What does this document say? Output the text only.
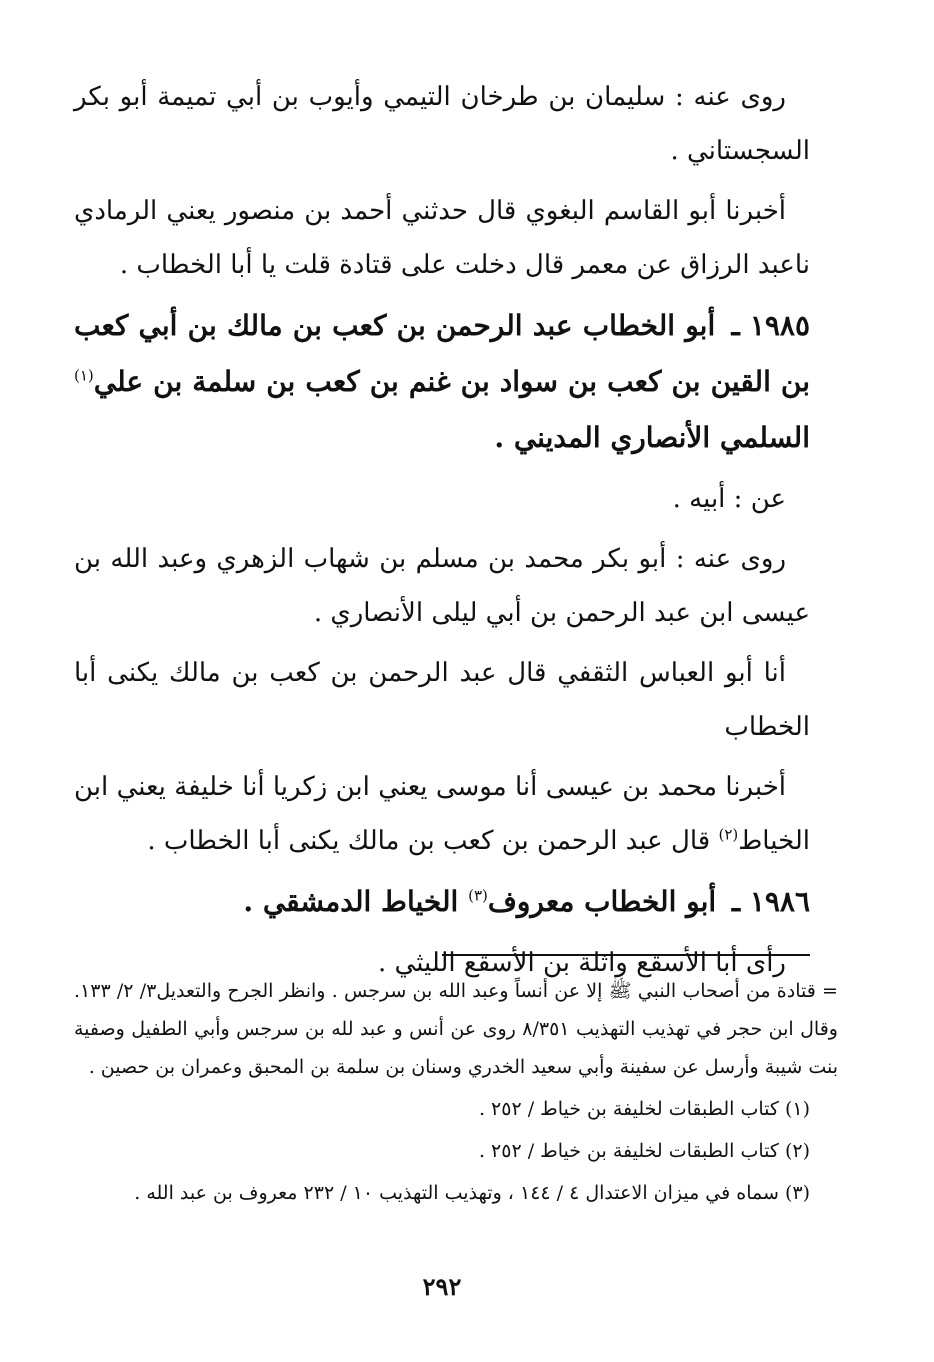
روى عنه : سليمان بن طرخان التيمي وأيوب بن أبي تميمة أبو بكر السجستاني .

أخبرنا أبو القاسم البغوي قال حدثني أحمد بن منصور يعني الرمادي ناعبد الرزاق عن معمر قال دخلت على قتادة قلت يا أبا الخطاب .

١٩٨٥ ـ أبو الخطاب عبد الرحمن بن كعب بن مالك بن أبي كعب بن القين بن كعب بن سواد بن غنم بن كعب بن سلمة بن علي$^{(١)}$ السلمي الأنصاري المديني .

عن : أبيه .

روى عنه : أبو بكر محمد بن مسلم بن شهاب الزهري وعبد الله بن عيسى ابن عبد الرحمن بن أبي ليلى الأنصاري .

أنا أبو العباس الثقفي قال عبد الرحمن بن كعب بن مالك يكنى أبا الخطاب

أخبرنا محمد بن عيسى أنا موسى يعني ابن زكريا أنا خليفة يعني ابن الخياط$^{(٢)}$ قال عبد الرحمن بن كعب بن مالك يكنى أبا الخطاب .

١٩٨٦ ـ أبو الخطاب معروف$^{(٣)}$ الخياط الدمشقي .

رأى أبا الأسقع واثلة بن الأسقع الليثي .

= قتادة من أصحاب النبي ﷺ إلا عن أنساً وعبد الله بن سرجس . وانظر الجرح والتعديل٣/ ٢/ ١٣٣. وقال ابن حجر في تهذيب التهذيب ٨/٣٥١ روى عن أنس و عبد لله بن سرجس وأبي الطفيل وصفية بنت شيبة وأرسل عن سفينة وأبي سعيد الخدري وسنان بن سلمة بن المحبق وعمران بن حصين .

(١) كتاب الطبقات لخليفة بن خياط / ٢٥٢ .

(٢) كتاب الطبقات لخليفة بن خياط / ٢٥٢ .

(٣) سماه في ميزان الاعتدال ٤ / ١٤٤ ، وتهذيب التهذيب ١٠ / ٢٣٢ معروف بن عبد الله .

٢٩٢
